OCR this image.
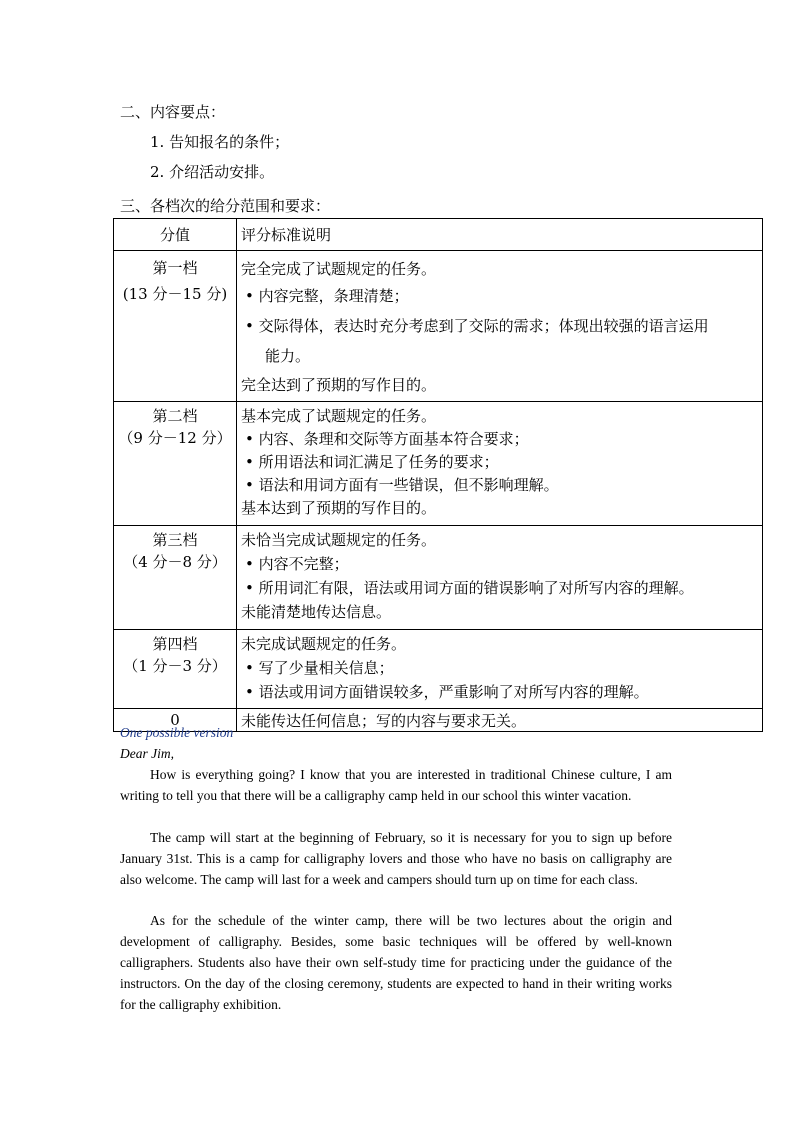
二、内容要点：
1. 告知报名的条件；
2. 介绍活动安排。
三、各档次的给分范围和要求：
分值	评分标准说明

第一档
(13 分－15 分)	完全完成了试题规定的任务。
• 内容完整，条理清楚；
• 交际得体，表达时充分考虑到了交际的需求；体现出较强的语言运用
能力。
完全达到了预期的写作目的。

第二档
（9 分－12 分）	基本完成了试题规定的任务。
• 内容、条理和交际等方面基本符合要求；
• 所用语法和词汇满足了任务的要求；
• 语法和用词方面有一些错误，但不影响理解。
基本达到了预期的写作目的。

第三档
（4 分－8 分）	未恰当完成试题规定的任务。
• 内容不完整；
• 所用词汇有限，语法或用词方面的错误影响了对所写内容的理解。
未能清楚地传达信息。

第四档
（1 分－3 分）	未完成试题规定的任务。
• 写了少量相关信息；
• 语法或用词方面错误较多，严重影响了对所写内容的理解。

0	未能传达任何信息；写的内容与要求无关。
One possible version
Dear Jim,
How is everything going? I know that you are interested in traditional Chinese culture, I am writing to tell you that there will be a calligraphy camp held in our school this winter vacation.
The camp will start at the beginning of February, so it is necessary for you to sign up before January 31st. This is a camp for calligraphy lovers and those who have no basis on calligraphy are also welcome. The camp will last for a week and campers should turn up on time for each class.
As for the schedule of the winter camp, there will be two lectures about the origin and development of calligraphy. Besides, some basic techniques will be offered by well-known calligraphers. Students also have their own self-study time for practicing under the guidance of the instructors. On the day of the closing ceremony, students are expected to hand in their writing works for the calligraphy exhibition.
